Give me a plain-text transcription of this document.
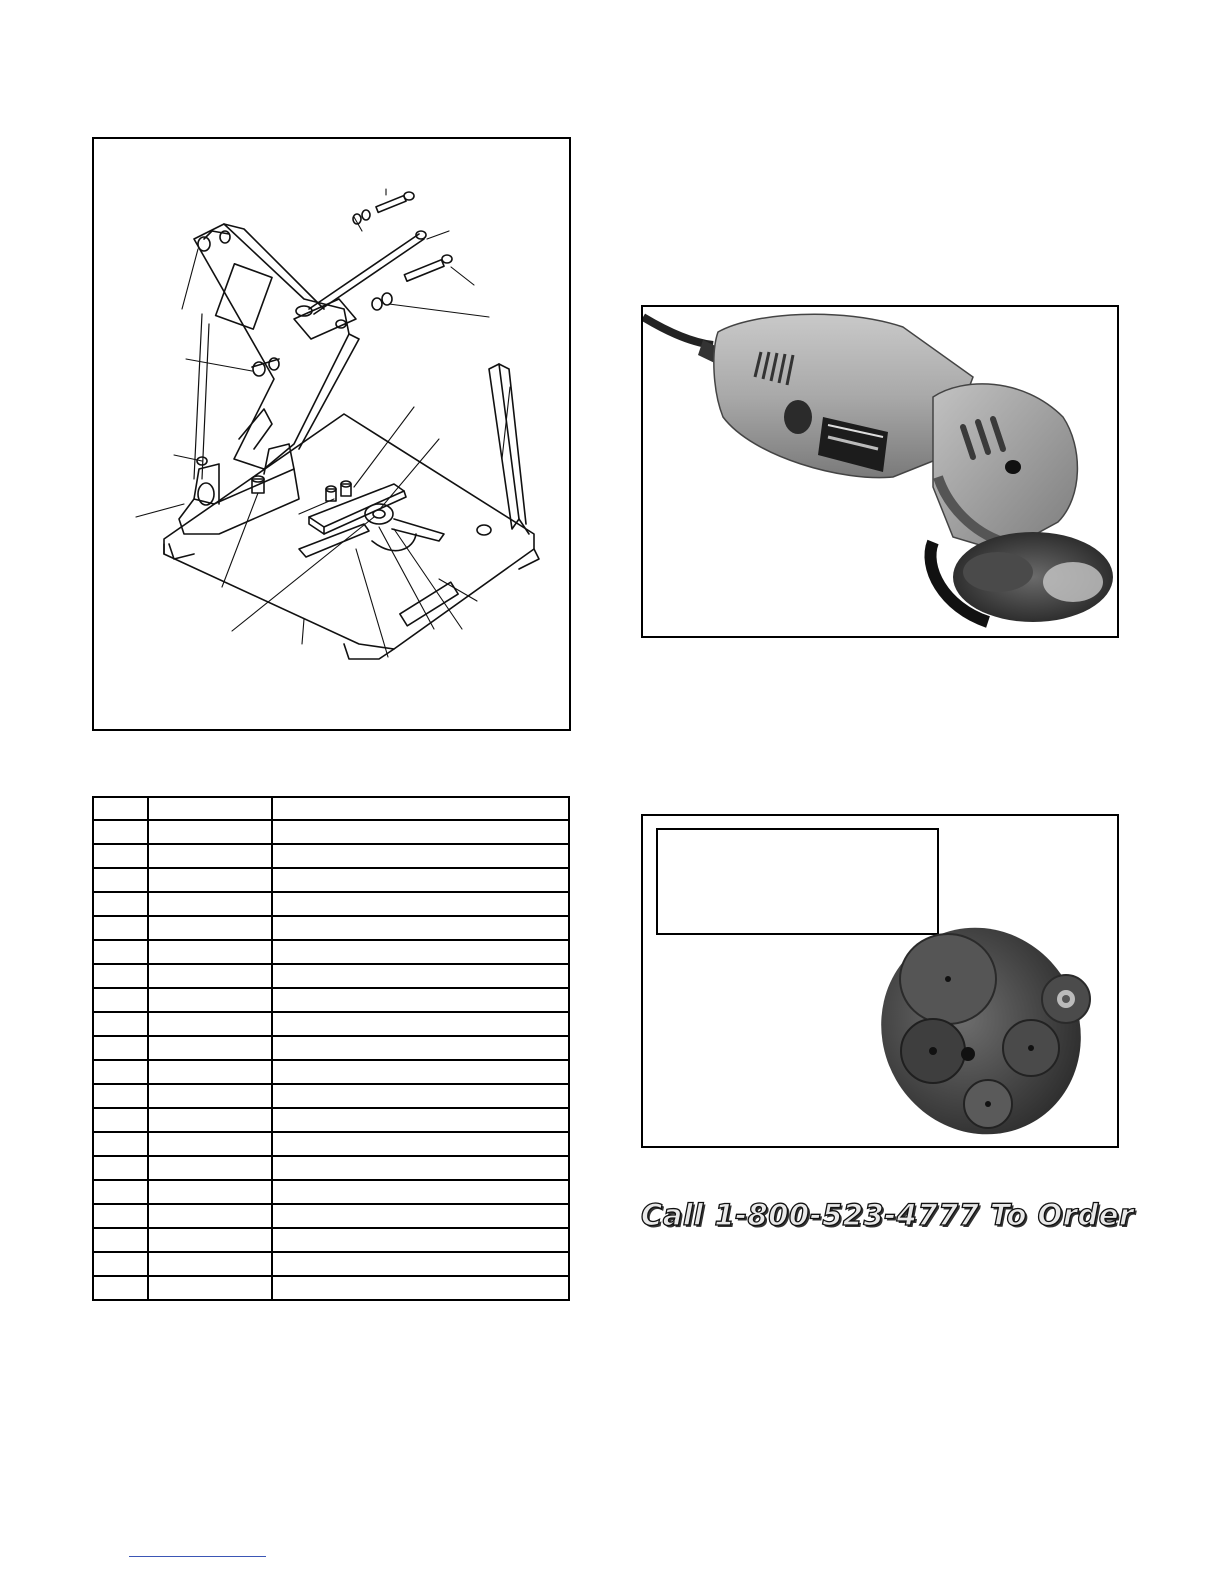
Call 1-800-523-4777 To Order
